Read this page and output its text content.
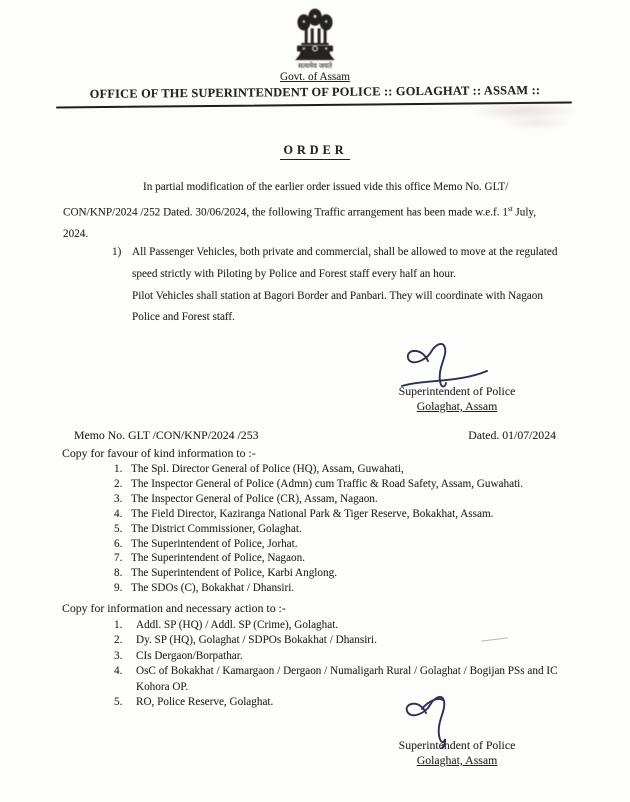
सत्यमेव जयते
Govt. of Assam
OFFICE OF THE SUPERINTENDENT OF POLICE :: GOLAGHAT :: ASSAM ::
ORDER
In partial modification of the earlier order issued vide this office Memo No. GLT/
CON/KNP/2024 /252 Dated. 30/06/2024, the following Traffic arrangement has been made w.e.f. 1st July,
2024.
1) All Passenger Vehicles, both private and commercial, shall be allowed to move at the regulated
speed strictly with Piloting by Police and Forest staff every half an hour.
Pilot Vehicles shall station at Bagori Border and Panbari. They will coordinate with Nagaon
Police and Forest staff.
Superintendent of Police
Golaghat, Assam
Memo No. GLT /CON/KNP/2024 /253	Dated. 01/07/2024
Copy for favour of kind information to :-
1. The Spl. Director General of Police (HQ), Assam, Guwahati,
2. The Inspector General of Police (Admn) cum Traffic & Road Safety, Assam, Guwahati.
3. The Inspector General of Police (CR), Assam, Nagaon.
4. The Field Director, Kaziranga National Park & Tiger Reserve, Bokakhat, Assam.
5. The District Commissioner, Golaghat.
6. The Superintendent of Police, Jorhat.
7. The Superintendent of Police, Nagaon.
8. The Superintendent of Police, Karbi Anglong.
9. The SDOs (C), Bokakhat / Dhansiri.
Copy for information and necessary action to :-
1.	Addl. SP (HQ) / Addl. SP (Crime), Golaghat.
2.	Dy. SP (HQ), Golaghat / SDPOs Bokakhat / Dhansiri.
3.	CIs Dergaon/Borpathar.
4.	OsC of Bokakhat / Kamargaon / Dergaon / Numaligarh Rural / Golaghat / Bogijan PSs and IC
Kohora OP.
5.	RO, Police Reserve, Golaghat.
Superintendent of Police
Golaghat, Assam
